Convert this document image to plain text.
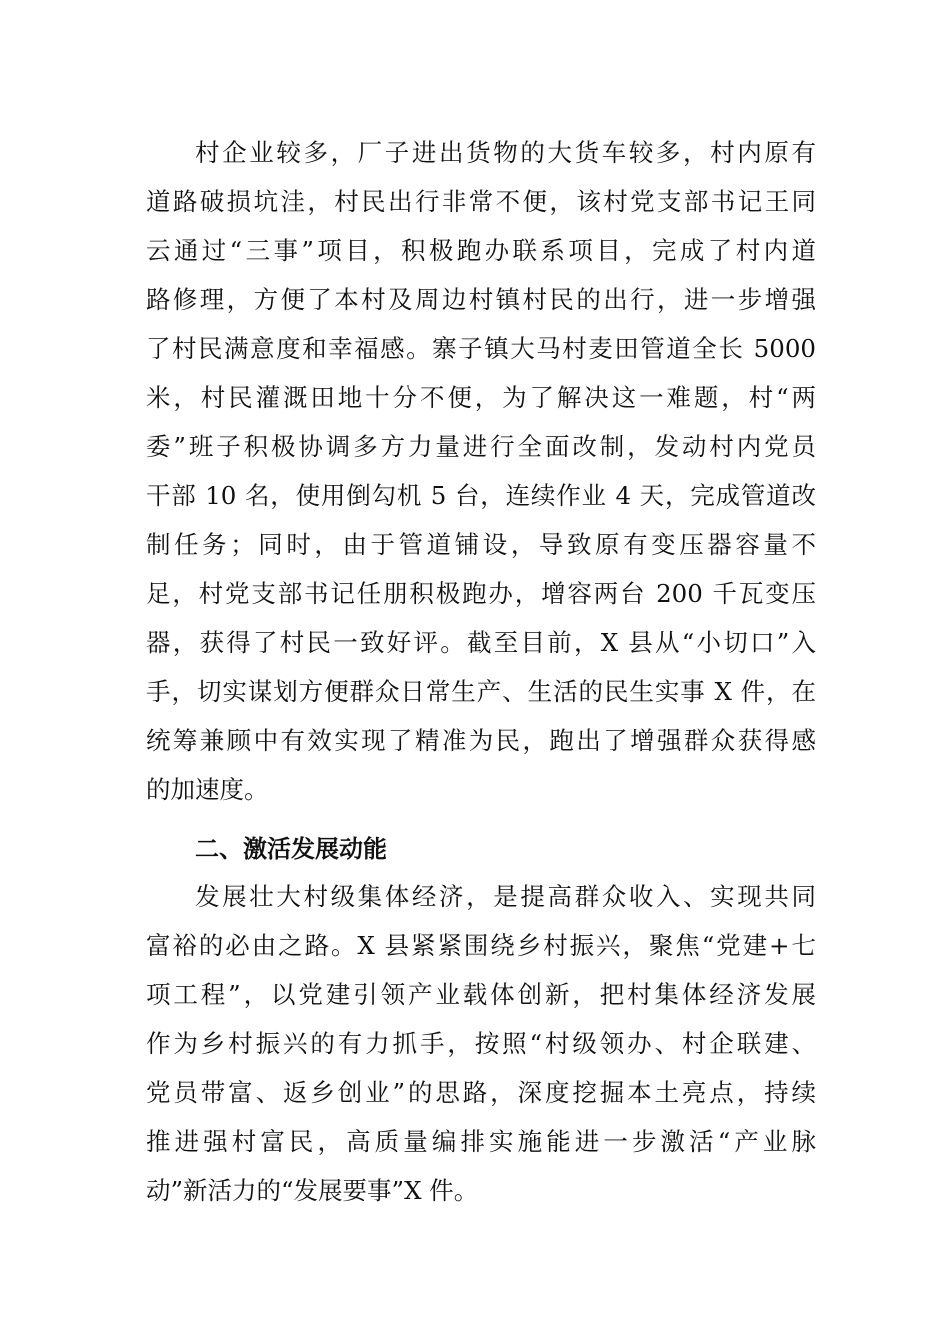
村企业较多，厂子进出货物的大货车较多，村内原有
道路破损坑洼，村民出行非常不便，该村党支部书记王同
云通过“三事”项目，积极跑办联系项目，完成了村内道
路修理，方便了本村及周边村镇村民的出行，进一步增强
了村民满意度和幸福感。寨子镇大马村麦田管道全长 5000
米，村民灌溉田地十分不便，为了解决这一难题，村“两
委”班子积极协调多方力量进行全面改制，发动村内党员
干部 10 名，使用倒勾机 5 台，连续作业 4 天，完成管道改
制任务；同时，由于管道铺设，导致原有变压器容量不
足，村党支部书记任朋积极跑办，增容两台 200 千瓦变压
器，获得了村民一致好评。截至目前，X 县从“小切口”入
手，切实谋划方便群众日常生产、生活的民生实事 X 件，在
统筹兼顾中有效实现了精准为民，跑出了增强群众获得感
的加速度。
二、激活发展动能
发展壮大村级集体经济，是提高群众收入、实现共同
富裕的必由之路。X 县紧紧围绕乡村振兴，聚焦“党建+七
项工程”，以党建引领产业载体创新，把村集体经济发展
作为乡村振兴的有力抓手，按照“村级领办、村企联建、
党员带富、返乡创业”的思路，深度挖掘本土亮点，持续
推进强村富民，高质量编排实施能进一步激活“产业脉
动”新活力的“发展要事”X 件。
